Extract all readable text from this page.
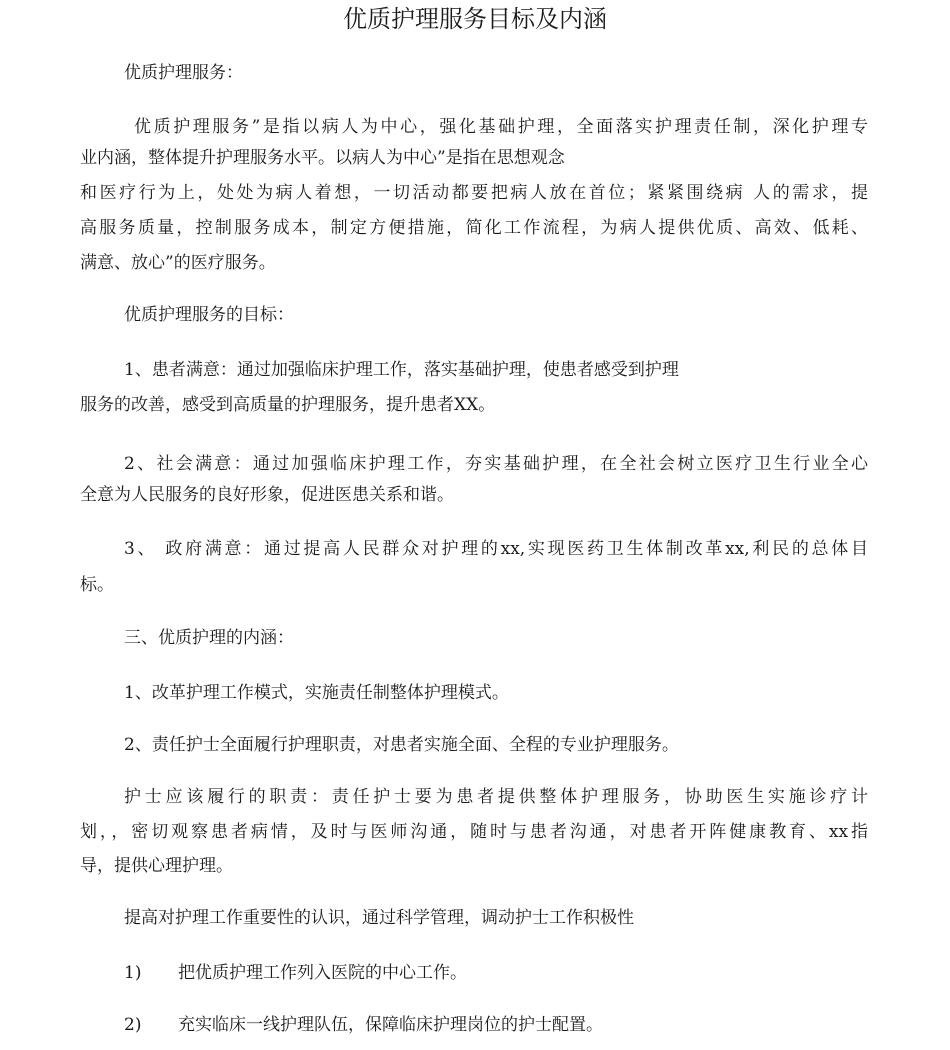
优质护理服务目标及内涵
优质护理服务：
优质护理服务”是指以病人为中心，强化基础护理，全面落实护理责任制，深化护理专
业内涵，整体提升护理服务水平。以病人为中心”是指在思想观念
和医疗行为上，处处为病人着想，一切活动都要把病人放在首位；紧紧围绕病 人的需求，提
高服务质量，控制服务成本，制定方便措施，简化工作流程，为病人提供优质、高效、低耗、
满意、放心”的医疗服务。
优质护理服务的目标：
1、患者满意：通过加强临床护理工作，落实基础护理，使患者感受到护理
服务的改善，感受到高质量的护理服务，提升患者XX。
2、社会满意：通过加强临床护理工作，夯实基础护理，在全社会树立医疗卫生行业全心
全意为人民服务的良好形象，促进医患关系和谐。
3、 政府满意：通过提高人民群众对护理的xx,实现医药卫生体制改革xx,利民的总体目
标。
三、优质护理的内涵：
1、改革护理工作模式，实施责任制整体护理模式。
2、责任护士全面履行护理职责，对患者实施全面、全程的专业护理服务。
护士应该履行的职责：责任护士要为患者提供整体护理服务，协助医生实施诊疗计
划，，密切观察患者病情，及时与医师沟通，随时与患者沟通，对患者开阵健康教育、xx指
导，提供心理护理。
提高对护理工作重要性的认识，通过科学管理，调动护士工作积极性
1) 把优质护理工作列入医院的中心工作。
2) 充实临床一线护理队伍，保障临床护理岗位的护士配置。
